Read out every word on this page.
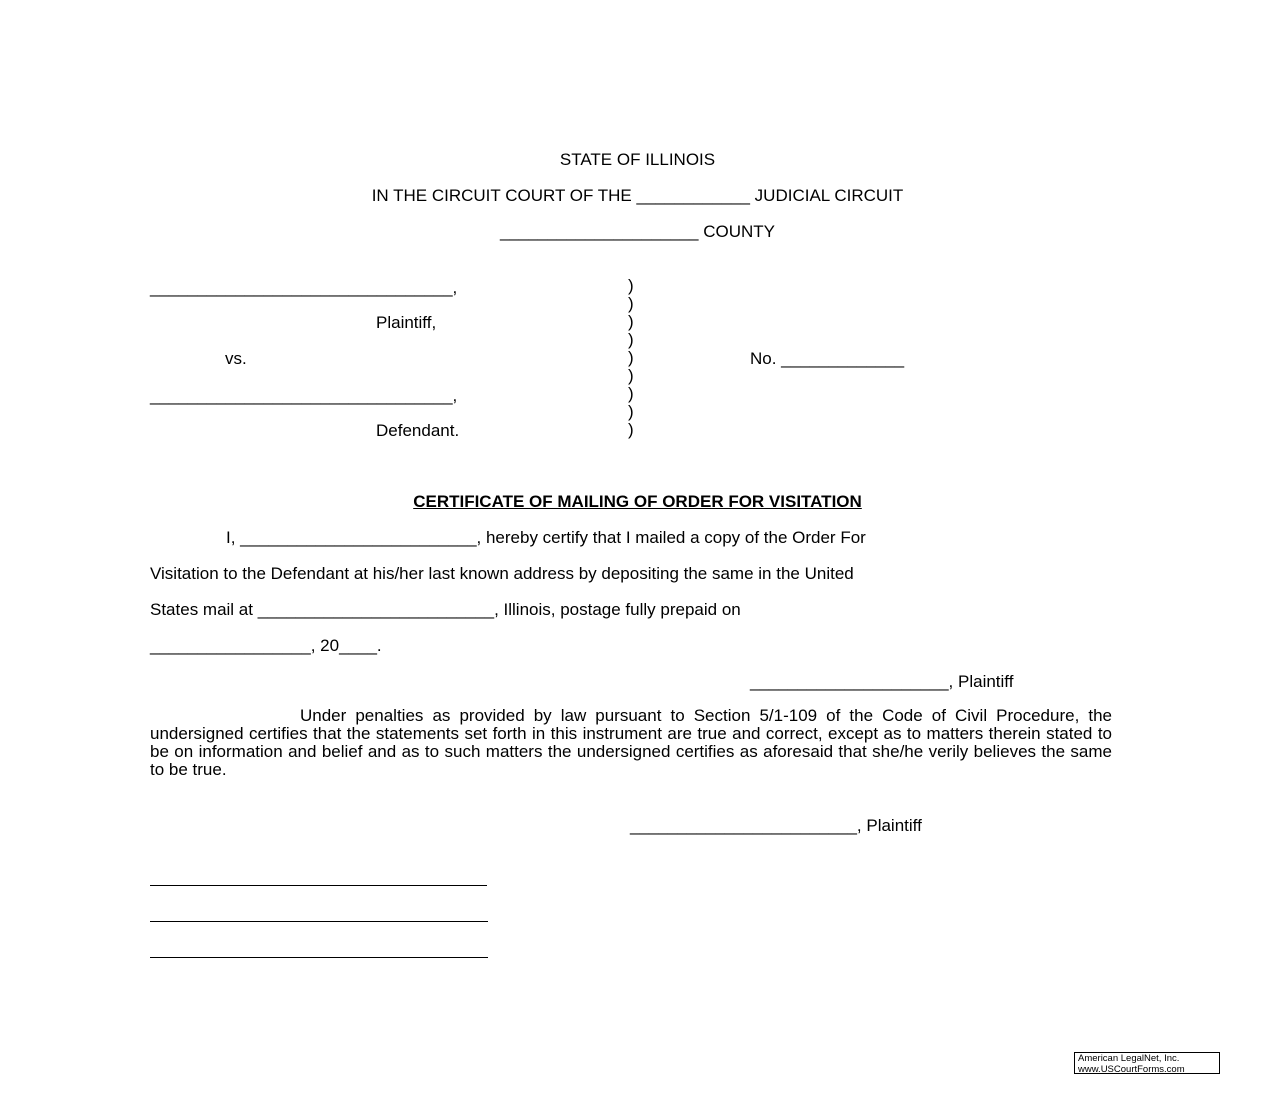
STATE OF ILLINOIS
IN THE CIRCUIT COURT OF THE ____________ JUDICIAL CIRCUIT
_____________________ COUNTY
________________________________,
Plaintiff,
vs.
________________________________,
Defendant.
)
)
)
)
)
)
)
)
)
No. _____________
CERTIFICATE OF MAILING OF ORDER FOR VISITATION
I, _________________________, hereby certify that I mailed a copy of the Order For
Visitation to the Defendant at his/her last known address by depositing the same in the United
States mail at _________________________, Illinois, postage fully prepaid on
_________________, 20____.
_____________________, Plaintiff
Under penalties as provided by law pursuant to Section 5/1-109 of the Code of Civil Procedure, the undersigned certifies that the statements set forth in this instrument are true and correct, except as to matters therein stated to be on information and belief and as to such matters the undersigned certifies as aforesaid that she/he verily believes the same to be true.
________________________, Plaintiff
American LegalNet, Inc.
www.USCourtForms.com
